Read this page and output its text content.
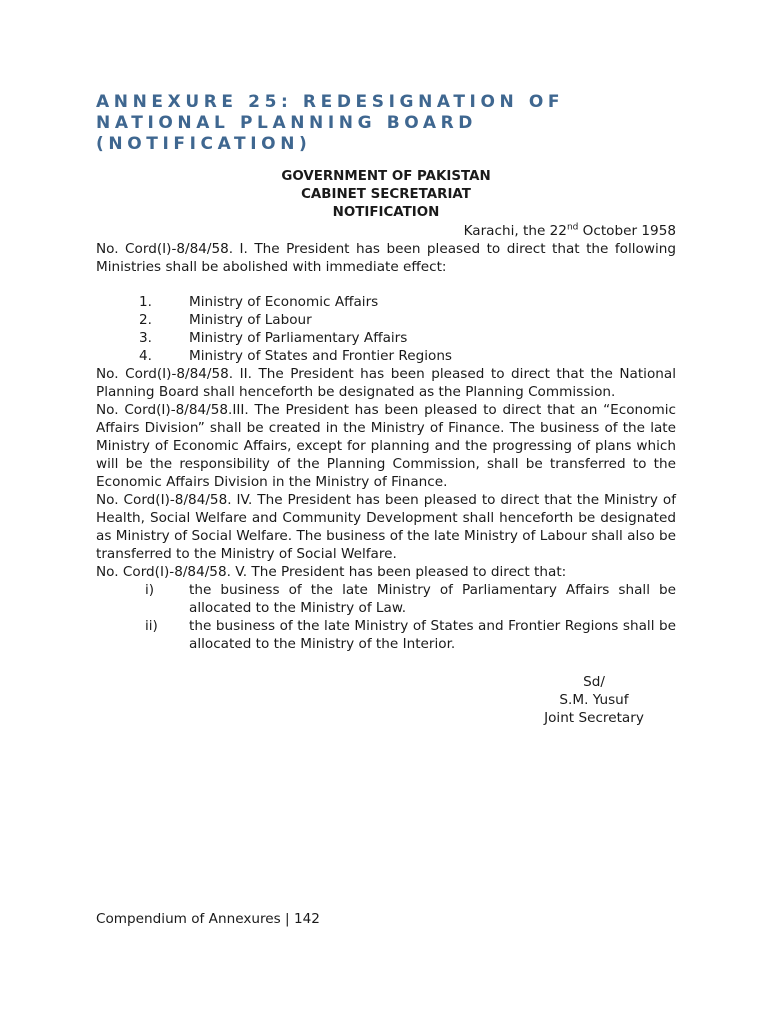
ANNEXURE 25: REDESIGNATION OF
NATIONAL PLANNING BOARD
(NOTIFICATION)
GOVERNMENT OF PAKISTAN
CABINET SECRETARIAT
NOTIFICATION
Karachi, the 22nd October 1958

No. Cord(I)-8/84/58. I. The President has been pleased to direct that the following Ministries shall be abolished with immediate effect:

1.	Ministry of Economic Affairs
2.	Ministry of Labour
3.	Ministry of Parliamentary Affairs
4.	Ministry of States and Frontier Regions

No. Cord(I)-8/84/58. II. The President has been pleased to direct that the National Planning Board shall henceforth be designated as the Planning Commission.

No. Cord(I)-8/84/58.III. The President has been pleased to direct that an “Economic Affairs Division” shall be created in the Ministry of Finance. The business of the late Ministry of Economic Affairs, except for planning and the progressing of plans which will be the responsibility of the Planning Commission, shall be transferred to the Economic Affairs Division in the Ministry of Finance.

No. Cord(I)-8/84/58. IV. The President has been pleased to direct that the Ministry of Health, Social Welfare and Community Development shall henceforth be designated as Ministry of Social Welfare. The business of the late Ministry of Labour shall also be transferred to the Ministry of Social Welfare.

No. Cord(I)-8/84/58. V. The President has been pleased to direct that:

i)	the business of the late Ministry of Parliamentary Affairs shall be allocated to the Ministry of Law.
ii)	the business of the late Ministry of States and Frontier Regions shall be allocated to the Ministry of the Interior.
Sd/
S.M. Yusuf
Joint Secretary
Compendium of Annexures | 142
